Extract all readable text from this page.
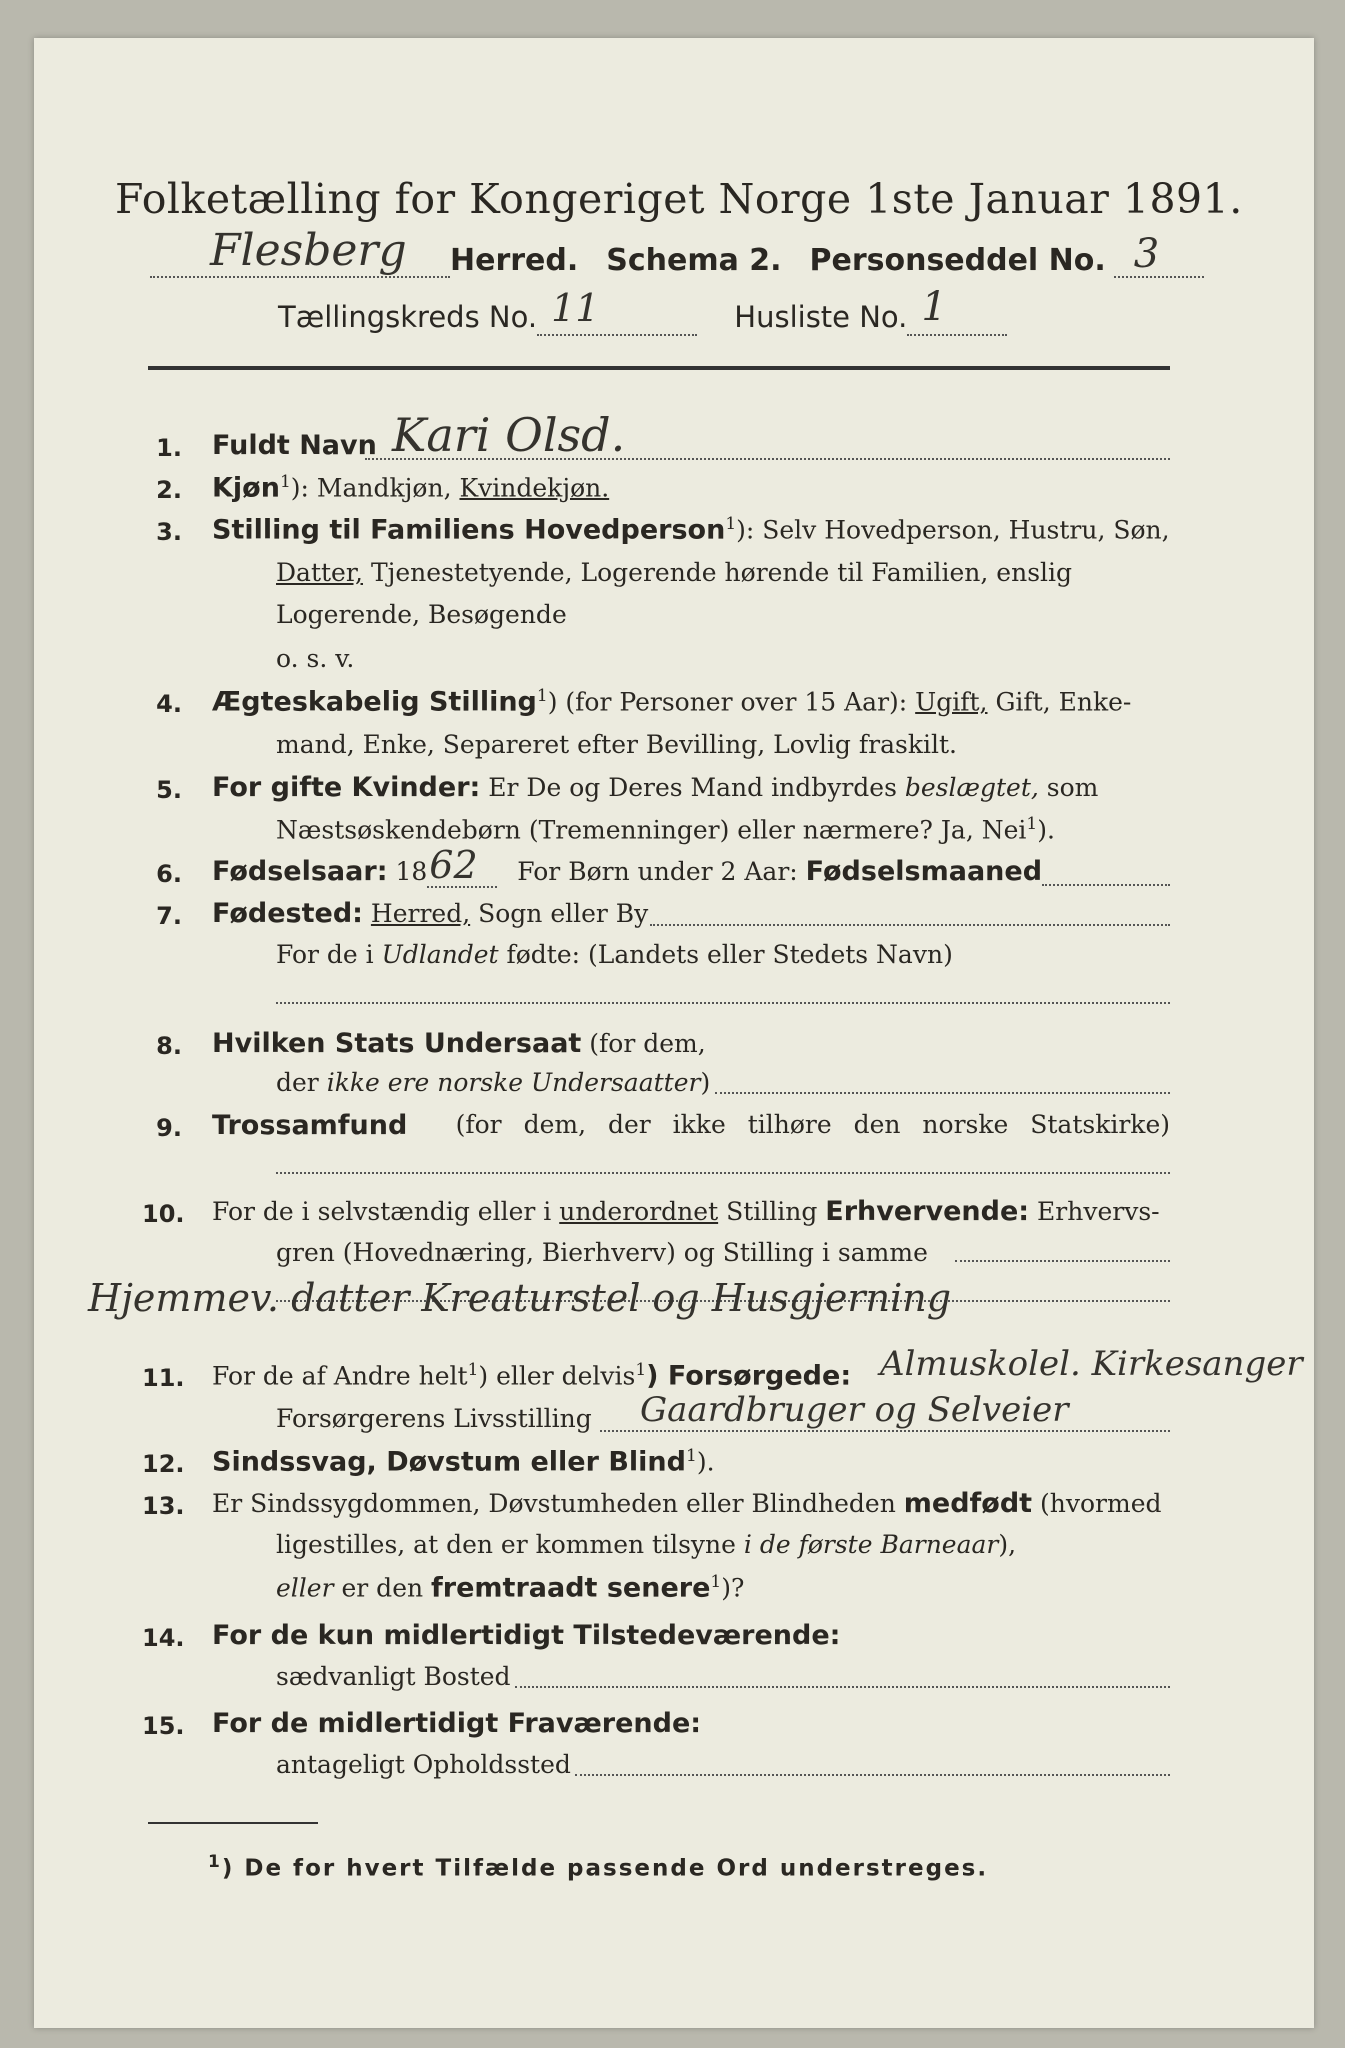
Folketælling for Kongeriget Norge 1ste Januar 1891.
Flesberg Herred. Schema 2. Personseddel No. 3

Tællingskreds No. 11	Husliste No. 1

1. Fuldt Navn Kari Olsd.
2. Kjøn$^1$): Mandkjøn, Kvindekjøn.
3. Stilling til Familiens Hovedperson$^1$): Selv Hovedperson, Hustru, Søn,
Datter, Tjenestetyende, Logerende hørende til Familien, enslig
Logerende, Besøgende
o. s. v.
4. Ægteskabelig Stilling$^1$) (for Personer over 15 Aar): Ugift, Gift, Enke-
mand, Enke, Separeret efter Bevilling, Lovlig fraskilt.
5. For gifte Kvinder: Er De og Deres Mand indbyrdes beslægtet, som
Næstsøskendebørn (Tremenninger) eller nærmere? Ja, Nei$^1$).
6. Fødselsaar: 18 62 For Børn under 2 Aar: Fødselsmaaned
7. Fødested: Herred, Sogn eller By
For de i Udlandet fødte: (Landets eller Stedets Navn)
8. Hvilken Stats Undersaat (for dem,
der ikke ere norske Undersaatter)
9. Trossamfund (for dem, der ikke tilhøre den norske Statskirke)
10. For de i selvstændig eller i underordnet Stilling Erhvervende: Erhvervs-
gren (Hovednæring, Bierhverv) og Stilling i samme
Hjemmev. datter Kreaturstel og Husgjerning
11. For de af Andre helt$^1$) eller delvis$^1$) Forsørgede: Almuskolel. Kirkesanger
Forsørgerens Livsstilling Gaardbruger og Selveier
12. Sindssvag, Døvstum eller Blind$^1$).
13. Er Sindssygdommen, Døvstumheden eller Blindheden medfødt (hvormed
ligestilles, at den er kommen tilsyne i de første Barneaar),
eller er den fremtraadt senere$^1$)?
14. For de kun midlertidigt Tilstedeværende:
sædvanligt Bosted
15. For de midlertidigt Fraværende:
antageligt Opholdssted
$^1$) De for hvert Tilfælde passende Ord understreges.
